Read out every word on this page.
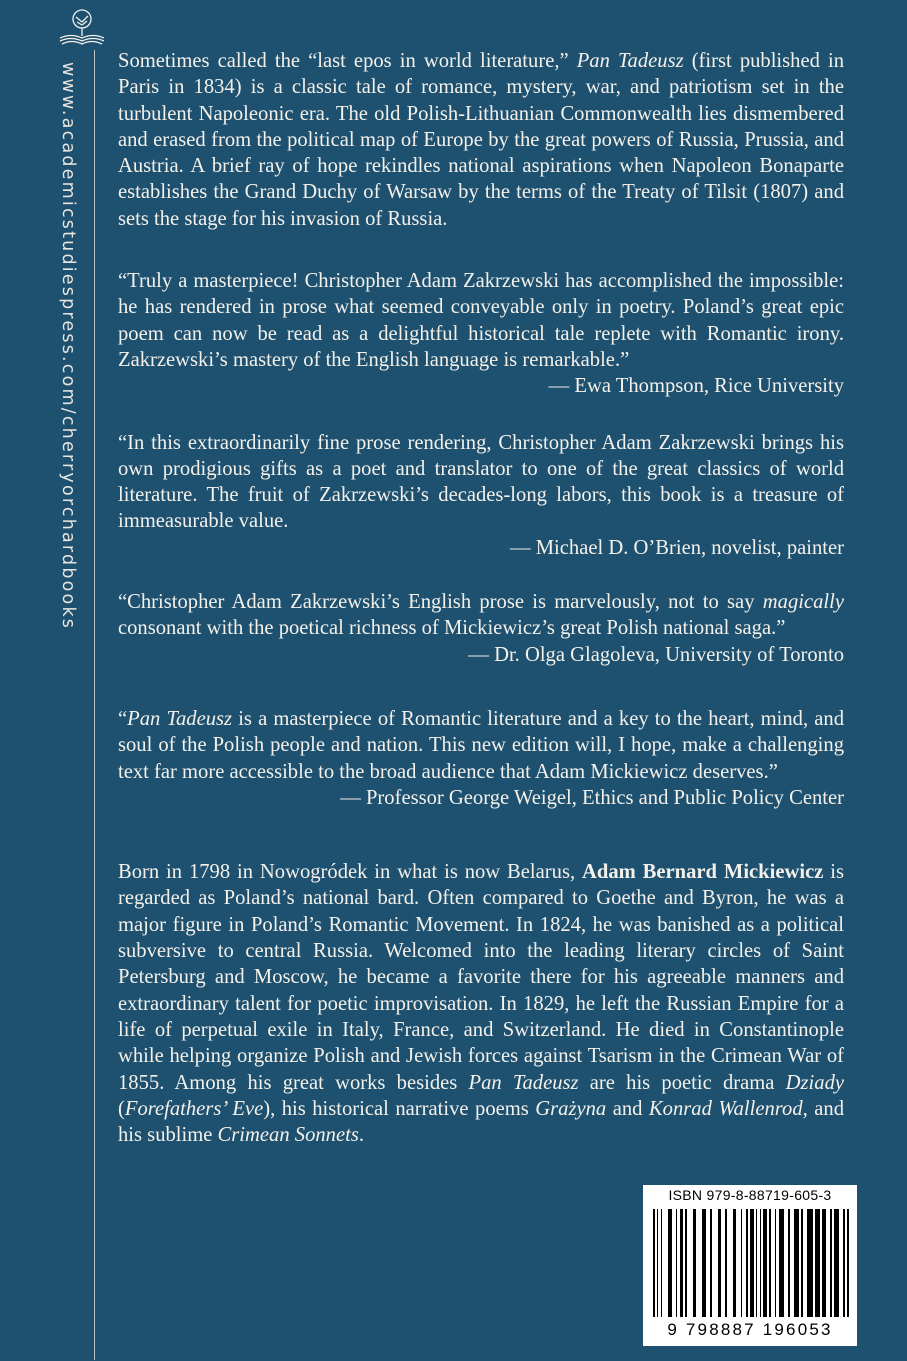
www.academicstudiespress.com/cherryorchardbooks

Sometimes called the “last epos in world literature,” Pan Tadeusz (first published in Paris in 1834) is a classic tale of romance, mystery, war, and patriotism set in the turbulent Napoleonic era. The old Polish-Lithuanian Commonwealth lies dismembered and erased from the political map of Europe by the great powers of Russia, Prussia, and Austria. A brief ray of hope rekindles national aspirations when Napoleon Bonaparte establishes the Grand Duchy of Warsaw by the terms of the Treaty of Tilsit (1807) and sets the stage for his invasion of Russia.

“Truly a masterpiece! Christopher Adam Zakrzewski has accomplished the impossible: he has rendered in prose what seemed conveyable only in poetry. Poland’s great epic poem can now be read as a delightful historical tale replete with Romantic irony. Zakrzewski’s mastery of the English language is remarkable.”

— Ewa Thompson, Rice University

“In this extraordinarily fine prose rendering, Christopher Adam Zakrzewski brings his own prodigious gifts as a poet and translator to one of the great classics of world literature. The fruit of Zakrzewski’s decades-long labors, this book is a treasure of immeasurable value.

— Michael D. O’Brien, novelist, painter

“Christopher Adam Zakrzewski’s English prose is marvelously, not to say magically consonant with the poetical richness of Mickiewicz’s great Polish national saga.”

— Dr. Olga Glagoleva, University of Toronto

“Pan Tadeusz is a masterpiece of Romantic literature and a key to the heart, mind, and soul of the Polish people and nation. This new edition will, I hope, make a challenging text far more accessible to the broad audience that Adam Mickiewicz deserves.”

— Professor George Weigel, Ethics and Public Policy Center

Born in 1798 in Nowogródek in what is now Belarus, Adam Bernard Mickiewicz is regarded as Poland’s national bard. Often compared to Goethe and Byron, he was a major figure in Poland’s Romantic Movement. In 1824, he was banished as a political subversive to central Russia. Welcomed into the leading literary circles of Saint Petersburg and Moscow, he became a favorite there for his agreeable manners and extraordinary talent for poetic improvisation. In 1829, he left the Russian Empire for a life of perpetual exile in Italy, France, and Switzerland. He died in Constantinople while helping organize Polish and Jewish forces against Tsarism in the Crimean War of 1855. Among his great works besides Pan Tadeusz are his poetic drama Dziady (Forefathers’ Eve), his historical narrative poems Grażyna and Konrad Wallenrod, and his sublime Crimean Sonnets.

ISBN 979-8-88719-605-3
9 798887 196053
